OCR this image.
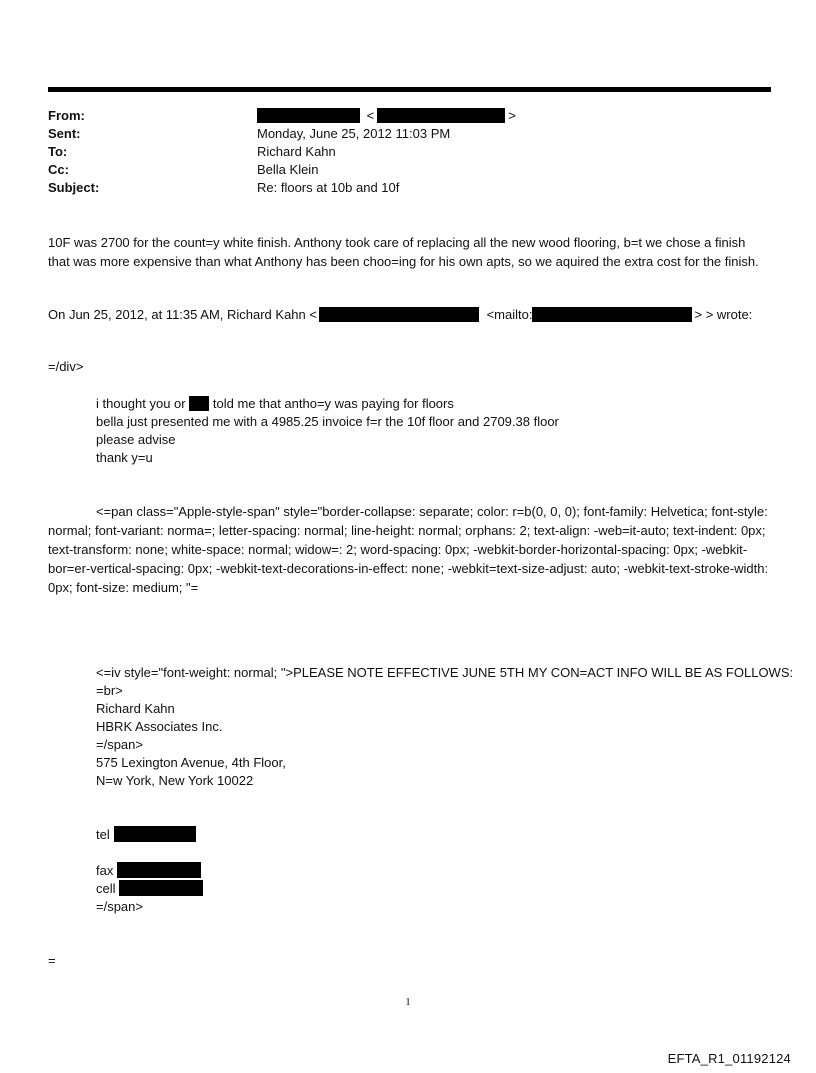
From:	<	>
Sent:	Monday, June 25, 2012 11:03 PM
To:	Richard Kahn
Cc:	Bella Klein
Subject:	Re: floors at 10b and 10f
10F was 2700 for the count=y white finish. Anthony took care of replacing all the new wood flooring, b=t we chose a finish that was more expensive than what Anthony has been choo=ing for his own apts, so we aquired the extra cost for the finish.
On Jun 25, 2012, at 11:35 AM, Richard Kahn <	<mailto:	> > wrote:
=/div>
i thought you or told me that antho=y was paying for floors
bella just presented me with a 4985.25 invoice f=r the 10f floor and 2709.38 floor
please advise
thank y=u
<=pan class="Apple-style-span" style="border-collapse: separate; color: r=b(0, 0, 0); font-family: Helvetica; font-style: normal; font-variant: norma=; letter-spacing: normal; line-height: normal; orphans: 2; text-align: -web=it-auto; text-indent: 0px; text-transform: none; white-space: normal; widow=: 2; word-spacing: 0px; -webkit-border-horizontal-spacing: 0px; -webkit-bor=er-vertical-spacing: 0px; -webkit-text-decorations-in-effect: none; -webkit=text-size-adjust: auto; -webkit-text-stroke-width: 0px; font-size: medium; "=
<=iv style="font-weight: normal; ">PLEASE NOTE EFFECTIVE JUNE 5TH MY CON=ACT INFO WILL BE AS FOLLOWS:
=br>
Richard Kahn
HBRK Associates Inc.
=/span>
575 Lexington Avenue, 4th Floor,
N=w York, New York 10022
tel
fax
cell
=/span>
=
1
EFTA_R1_01192124
